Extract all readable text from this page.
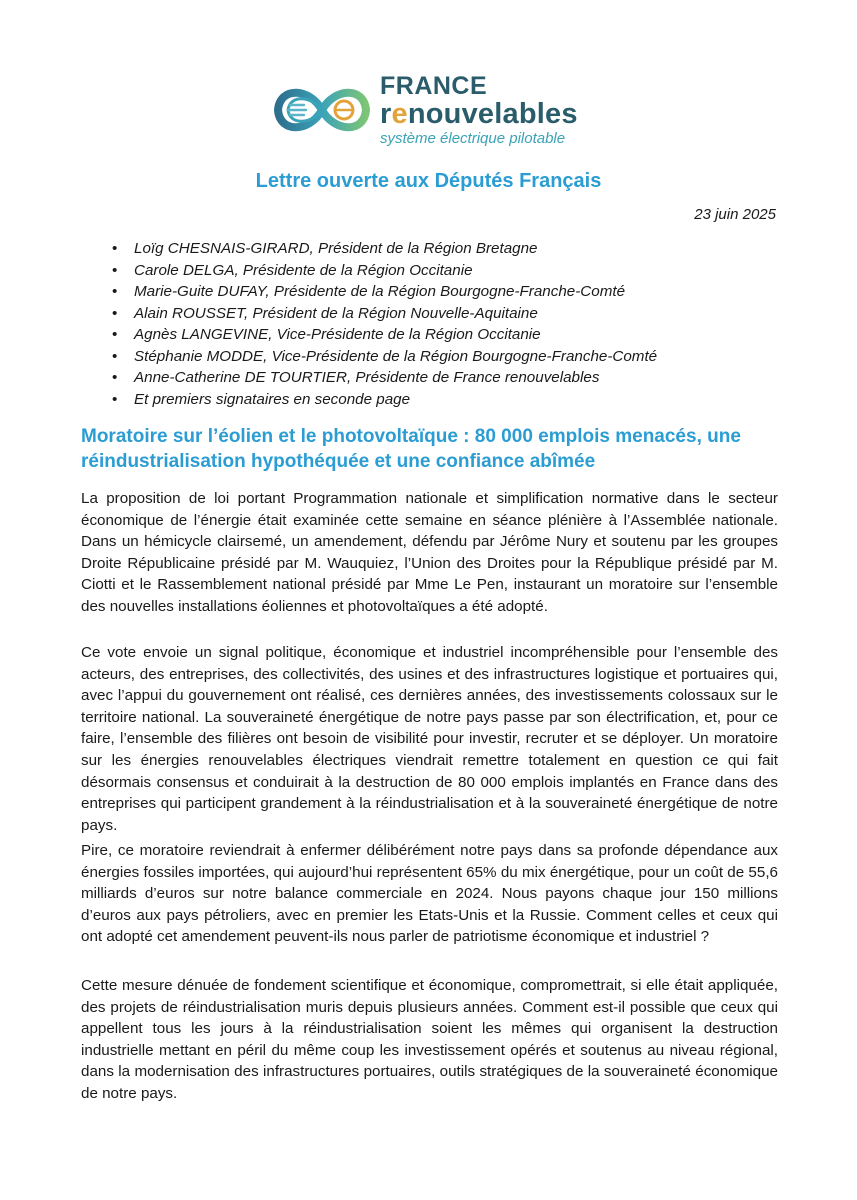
FRANCE
renouvelables
système électrique pilotable
Lettre ouverte aux Députés Français
23 juin 2025
• Loïg CHESNAIS-GIRARD, Président de la Région Bretagne
• Carole DELGA, Présidente de la Région Occitanie
• Marie-Guite DUFAY, Présidente de la Région Bourgogne-Franche-Comté
• Alain ROUSSET, Président de la Région Nouvelle-Aquitaine
• Agnès LANGEVINE, Vice-Présidente de la Région Occitanie
• Stéphanie MODDE, Vice-Présidente de la Région Bourgogne-Franche-Comté
• Anne-Catherine DE TOURTIER, Présidente de France renouvelables
• Et premiers signataires en seconde page
Moratoire sur l’éolien et le photovoltaïque : 80 000 emplois menacés, une réindustrialisation hypothéquée et une confiance abîmée

La proposition de loi portant Programmation nationale et simplification normative dans le secteur économique de l’énergie était examinée cette semaine en séance plénière à l’Assemblée nationale. Dans un hémicycle clairsemé, un amendement, défendu par Jérôme Nury et soutenu par les groupes Droite Républicaine présidé par M. Wauquiez, l’Union des Droites pour la République présidé par M. Ciotti et le Rassemblement national présidé par Mme Le Pen, instaurant un moratoire sur l’ensemble des nouvelles installations éoliennes et photovoltaïques a été adopté.

Ce vote envoie un signal politique, économique et industriel incompréhensible pour l’ensemble des acteurs, des entreprises, des collectivités, des usines et des infrastructures logistique et portuaires qui, avec l’appui du gouvernement ont réalisé, ces dernières années, des investissements colossaux sur le territoire national. La souveraineté énergétique de notre pays passe par son électrification, et, pour ce faire, l’ensemble des filières ont besoin de visibilité pour investir, recruter et se déployer. Un moratoire sur les énergies renouvelables électriques viendrait remettre totalement en question ce qui fait désormais consensus et conduirait à la destruction de 80 000 emplois implantés en France dans des entreprises qui participent grandement à la réindustrialisation et à la souveraineté énergétique de notre pays.

Pire, ce moratoire reviendrait à enfermer délibérément notre pays dans sa profonde dépendance aux énergies fossiles importées, qui aujourd’hui représentent 65% du mix énergétique, pour un coût de 55,6 milliards d’euros sur notre balance commerciale en 2024. Nous payons chaque jour 150 millions d’euros aux pays pétroliers, avec en premier les Etats-Unis et la Russie. Comment celles et ceux qui ont adopté cet amendement peuvent-ils nous parler de patriotisme économique et industriel ?

Cette mesure dénuée de fondement scientifique et économique, compromettrait, si elle était appliquée, des projets de réindustrialisation muris depuis plusieurs années. Comment est-il possible que ceux qui appellent tous les jours à la réindustrialisation soient les mêmes qui organisent la destruction industrielle mettant en péril du même coup les investissement opérés et soutenus au niveau régional, dans la modernisation des infrastructures portuaires, outils stratégiques de la souveraineté économique de notre pays.
